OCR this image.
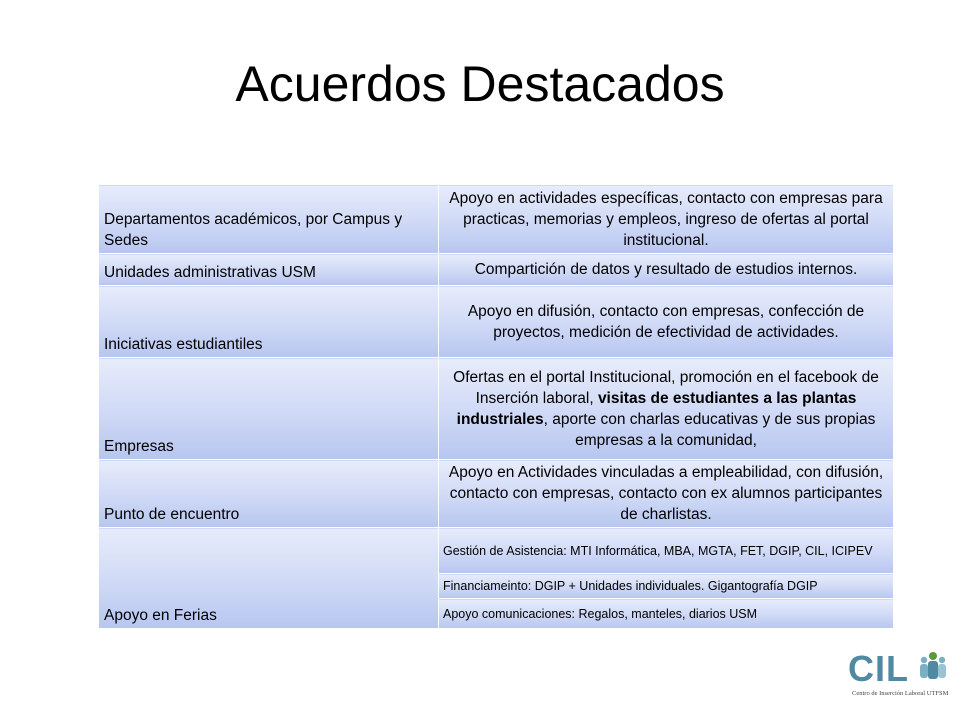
Acuerdos Destacados
Departamentos académicos, por Campus y Sedes	Apoyo en actividades específicas, contacto con empresas para practicas, memorias y empleos, ingreso de ofertas al portal institucional.
Unidades administrativas USM	Compartición de datos y resultado de estudios internos.
Iniciativas estudiantiles	Apoyo en difusión, contacto con empresas, confección de proyectos, medición de efectividad de actividades.
Empresas	Ofertas en el portal Institucional, promoción en el facebook de Inserción laboral, visitas de estudiantes a las plantas industriales, aporte con charlas educativas y de sus propias empresas a la comunidad,
Punto de encuentro	Apoyo en Actividades vinculadas a empleabilidad, con difusión, contacto con empresas, contacto con ex alumnos participantes de charlistas.
Apoyo en Ferias	Gestión de Asistencia: MTI Informática, MBA, MGTA, FET, DGIP, CIL, ICIPEV
	Financiameinto: DGIP + Unidades individuales. Gigantografía DGIP
	Apoyo comunicaciones: Regalos, manteles, diarios USM
CIL
Centro de Inserción Laboral UTFSM
